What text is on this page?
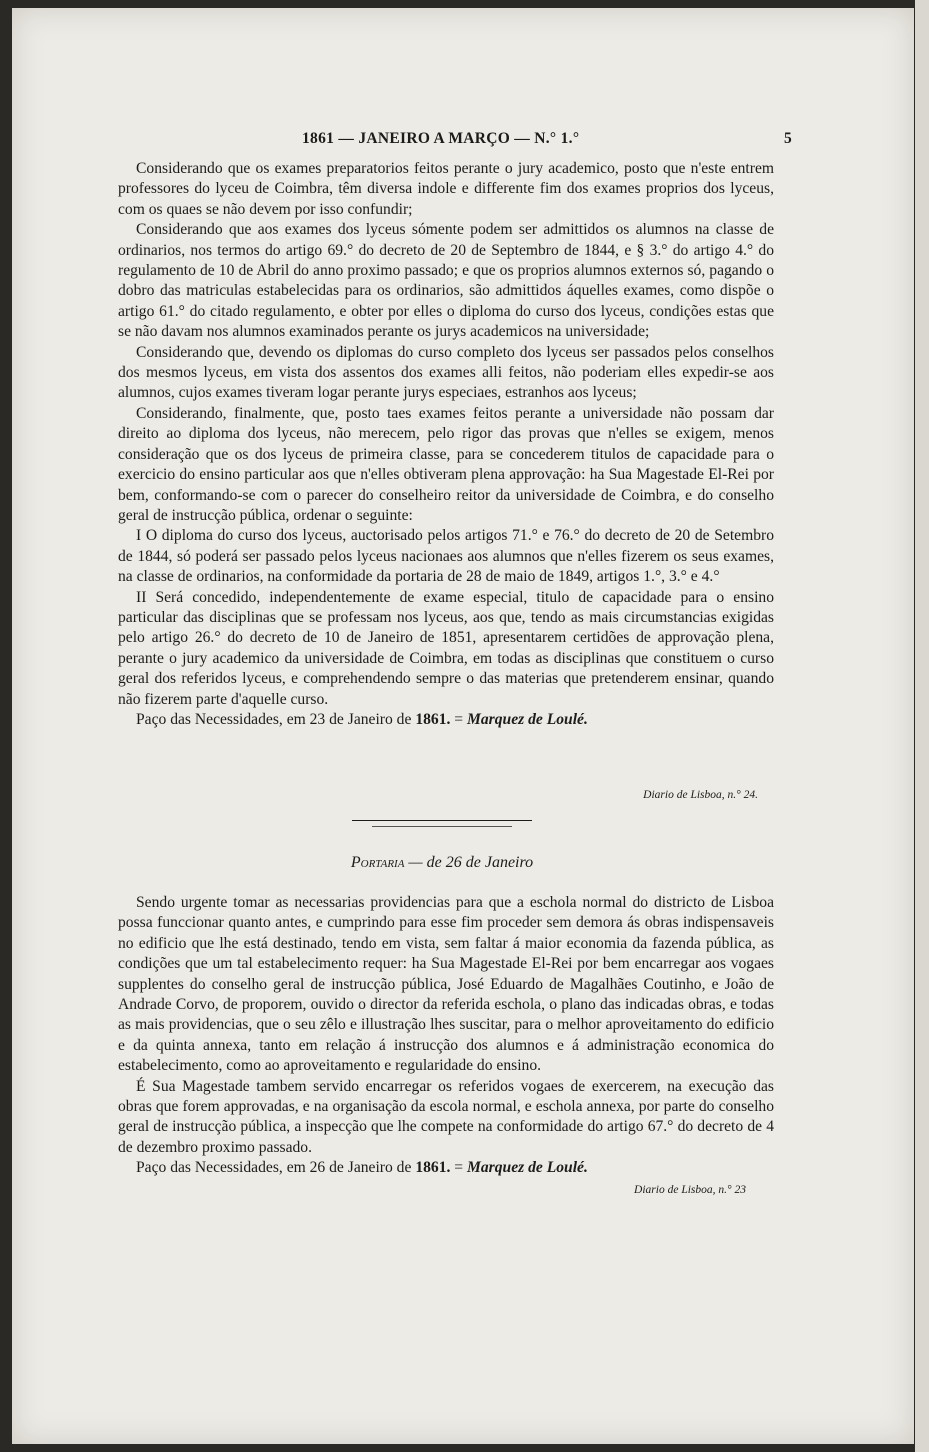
1861 — JANEIRO A MARÇO — N.° 1.°	5

Considerando que os exames preparatorios feitos perante o jury academico, posto que n'este entrem professores do lyceu de Coimbra, têm diversa indole e differente fim dos exames proprios dos lyceus, com os quaes se não devem por isso confundir;

Considerando que aos exames dos lyceus sómente podem ser admittidos os alumnos na classe de ordinarios, nos termos do artigo 69.° do decreto de 20 de Septembro de 1844, e § 3.° do artigo 4.° do regulamento de 10 de Abril do anno proximo passado; e que os proprios alumnos externos só, pagando o dobro das matriculas estabelecidas para os ordinarios, são admittidos áquelles exames, como dispõe o artigo 61.° do citado regulamento, e obter por elles o diploma do curso dos lyceus, condições estas que se não davam nos alumnos examinados perante os jurys academicos na universidade;

Considerando que, devendo os diplomas do curso completo dos lyceus ser passados pelos conselhos dos mesmos lyceus, em vista dos assentos dos exames alli feitos, não poderiam elles expedir-se aos alumnos, cujos exames tiveram logar perante jurys especiaes, estranhos aos lyceus;

Considerando, finalmente, que, posto taes exames feitos perante a universidade não possam dar direito ao diploma dos lyceus, não merecem, pelo rigor das provas que n'elles se exigem, menos consideração que os dos lyceus de primeira classe, para se concederem titulos de capacidade para o exercicio do ensino particular aos que n'elles obtiveram plena approvação: ha Sua Magestade El-Rei por bem, conformando-se com o parecer do conselheiro reitor da universidade de Coimbra, e do conselho geral de instrucção pública, ordenar o seguinte:

I O diploma do curso dos lyceus, auctorisado pelos artigos 71.° e 76.° do decreto de 20 de Setembro de 1844, só poderá ser passado pelos lyceus nacionaes aos alumnos que n'elles fizerem os seus exames, na classe de ordinarios, na conformidade da portaria de 28 de maio de 1849, artigos 1.°, 3.° e 4.°

II Será concedido, independentemente de exame especial, titulo de capacidade para o ensino particular das disciplinas que se professam nos lyceus, aos que, tendo as mais circumstancias exigidas pelo artigo 26.° do decreto de 10 de Janeiro de 1851, apresentarem certidões de approvação plena, perante o jury academico da universidade de Coimbra, em todas as disciplinas que constituem o curso geral dos referidos lyceus, e comprehendendo sempre o das materias que pretenderem ensinar, quando não fizerem parte d'aquelle curso.

Paço das Necessidades, em 23 de Janeiro de 1861. = Marquez de Loulé.

Diario de Lisboa, n.° 24.
Portaria — de 26 de Janeiro

Sendo urgente tomar as necessarias providencias para que a eschola normal do districto de Lisboa possa funccionar quanto antes, e cumprindo para esse fim proceder sem demora ás obras indispensaveis no edificio que lhe está destinado, tendo em vista, sem faltar á maior economia da fazenda pública, as condições que um tal estabelecimento requer: ha Sua Magestade El-Rei por bem encarregar aos vogaes supplentes do conselho geral de instrucção pública, José Eduardo de Magalhães Coutinho, e João de Andrade Corvo, de proporem, ouvido o director da referida eschola, o plano das indicadas obras, e todas as mais providencias, que o seu zêlo e illustração lhes suscitar, para o melhor aproveitamento do edificio e da quinta annexa, tanto em relação á instrucção dos alumnos e á administração economica do estabelecimento, como ao aproveitamento e regularidade do ensino.

É Sua Magestade tambem servido encarregar os referidos vogaes de exercerem, na execução das obras que forem approvadas, e na organisação da escola normal, e eschola annexa, por parte do conselho geral de instrucção pública, a inspecção que lhe compete na conformidade do artigo 67.° do decreto de 4 de dezembro proximo passado.

Paço das Necessidades, em 26 de Janeiro de 1861. = Marquez de Loulé.

Diario de Lisboa, n.° 23
